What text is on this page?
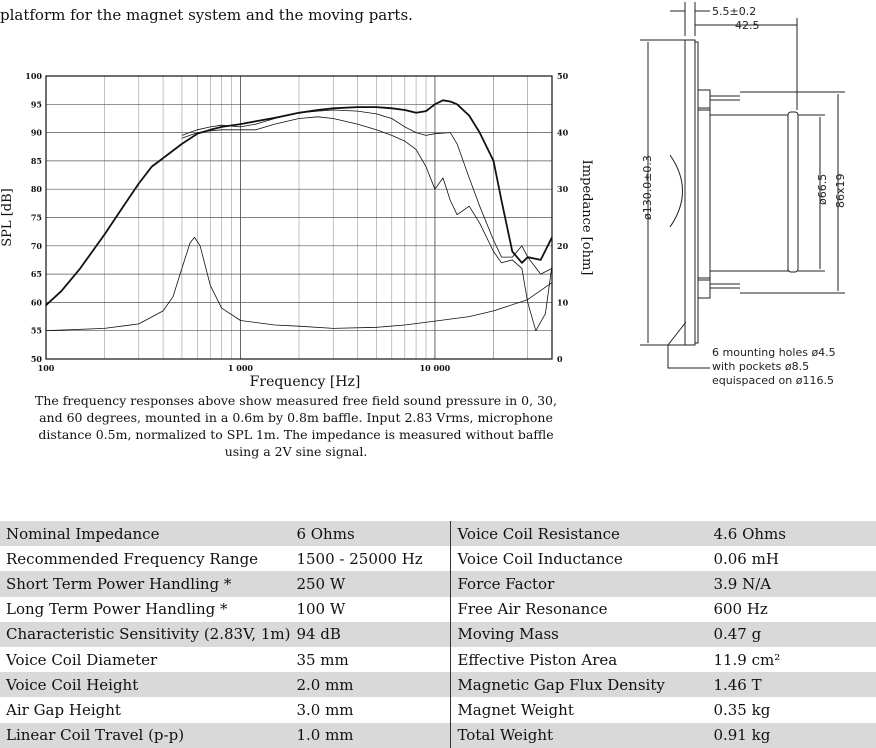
platform for the magnet system and the moving parts.
50
55
60
65
70
75
80
85
90
95
100
0
10
20
30
40
50
100	1 000	10 000
Frequency [Hz]
SPL [dB]	Impedance [ohm]
5.5±0.2
42.5
ø130.0±0.3	ø66.5 86x19
6 mounting holes ø4.5
with pockets ø8.5
equispaced on ø116.5
The frequency responses above show measured free field sound pressure in 0, 30, and 60 degrees, mounted in a 0.6m by 0.8m baffle. Input 2.83 Vrms, microphone distance 0.5m, normalized to SPL 1m. The impedance is measured without baffle using a 2V sine signal.
Nominal Impedance	6 Ohms	Voice Coil Resistance	4.6 Ohms
Recommended Frequency Range	1500 - 25000 Hz	Voice Coil Inductance	0.06 mH
Short Term Power Handling *	250 W	Force Factor	3.9 N/A
Long Term Power Handling *	100 W	Free Air Resonance	600 Hz
Characteristic Sensitivity (2.83V, 1m)	94 dB	Moving Mass	0.47 g
Voice Coil Diameter	35 mm	Effective Piston Area	11.9 cm²
Voice Coil Height	2.0 mm	Magnetic Gap Flux Density	1.46 T
Air Gap Height	3.0 mm	Magnet Weight	0.35 kg
Linear Coil Travel (p-p)	1.0 mm	Total Weight	0.91 kg
